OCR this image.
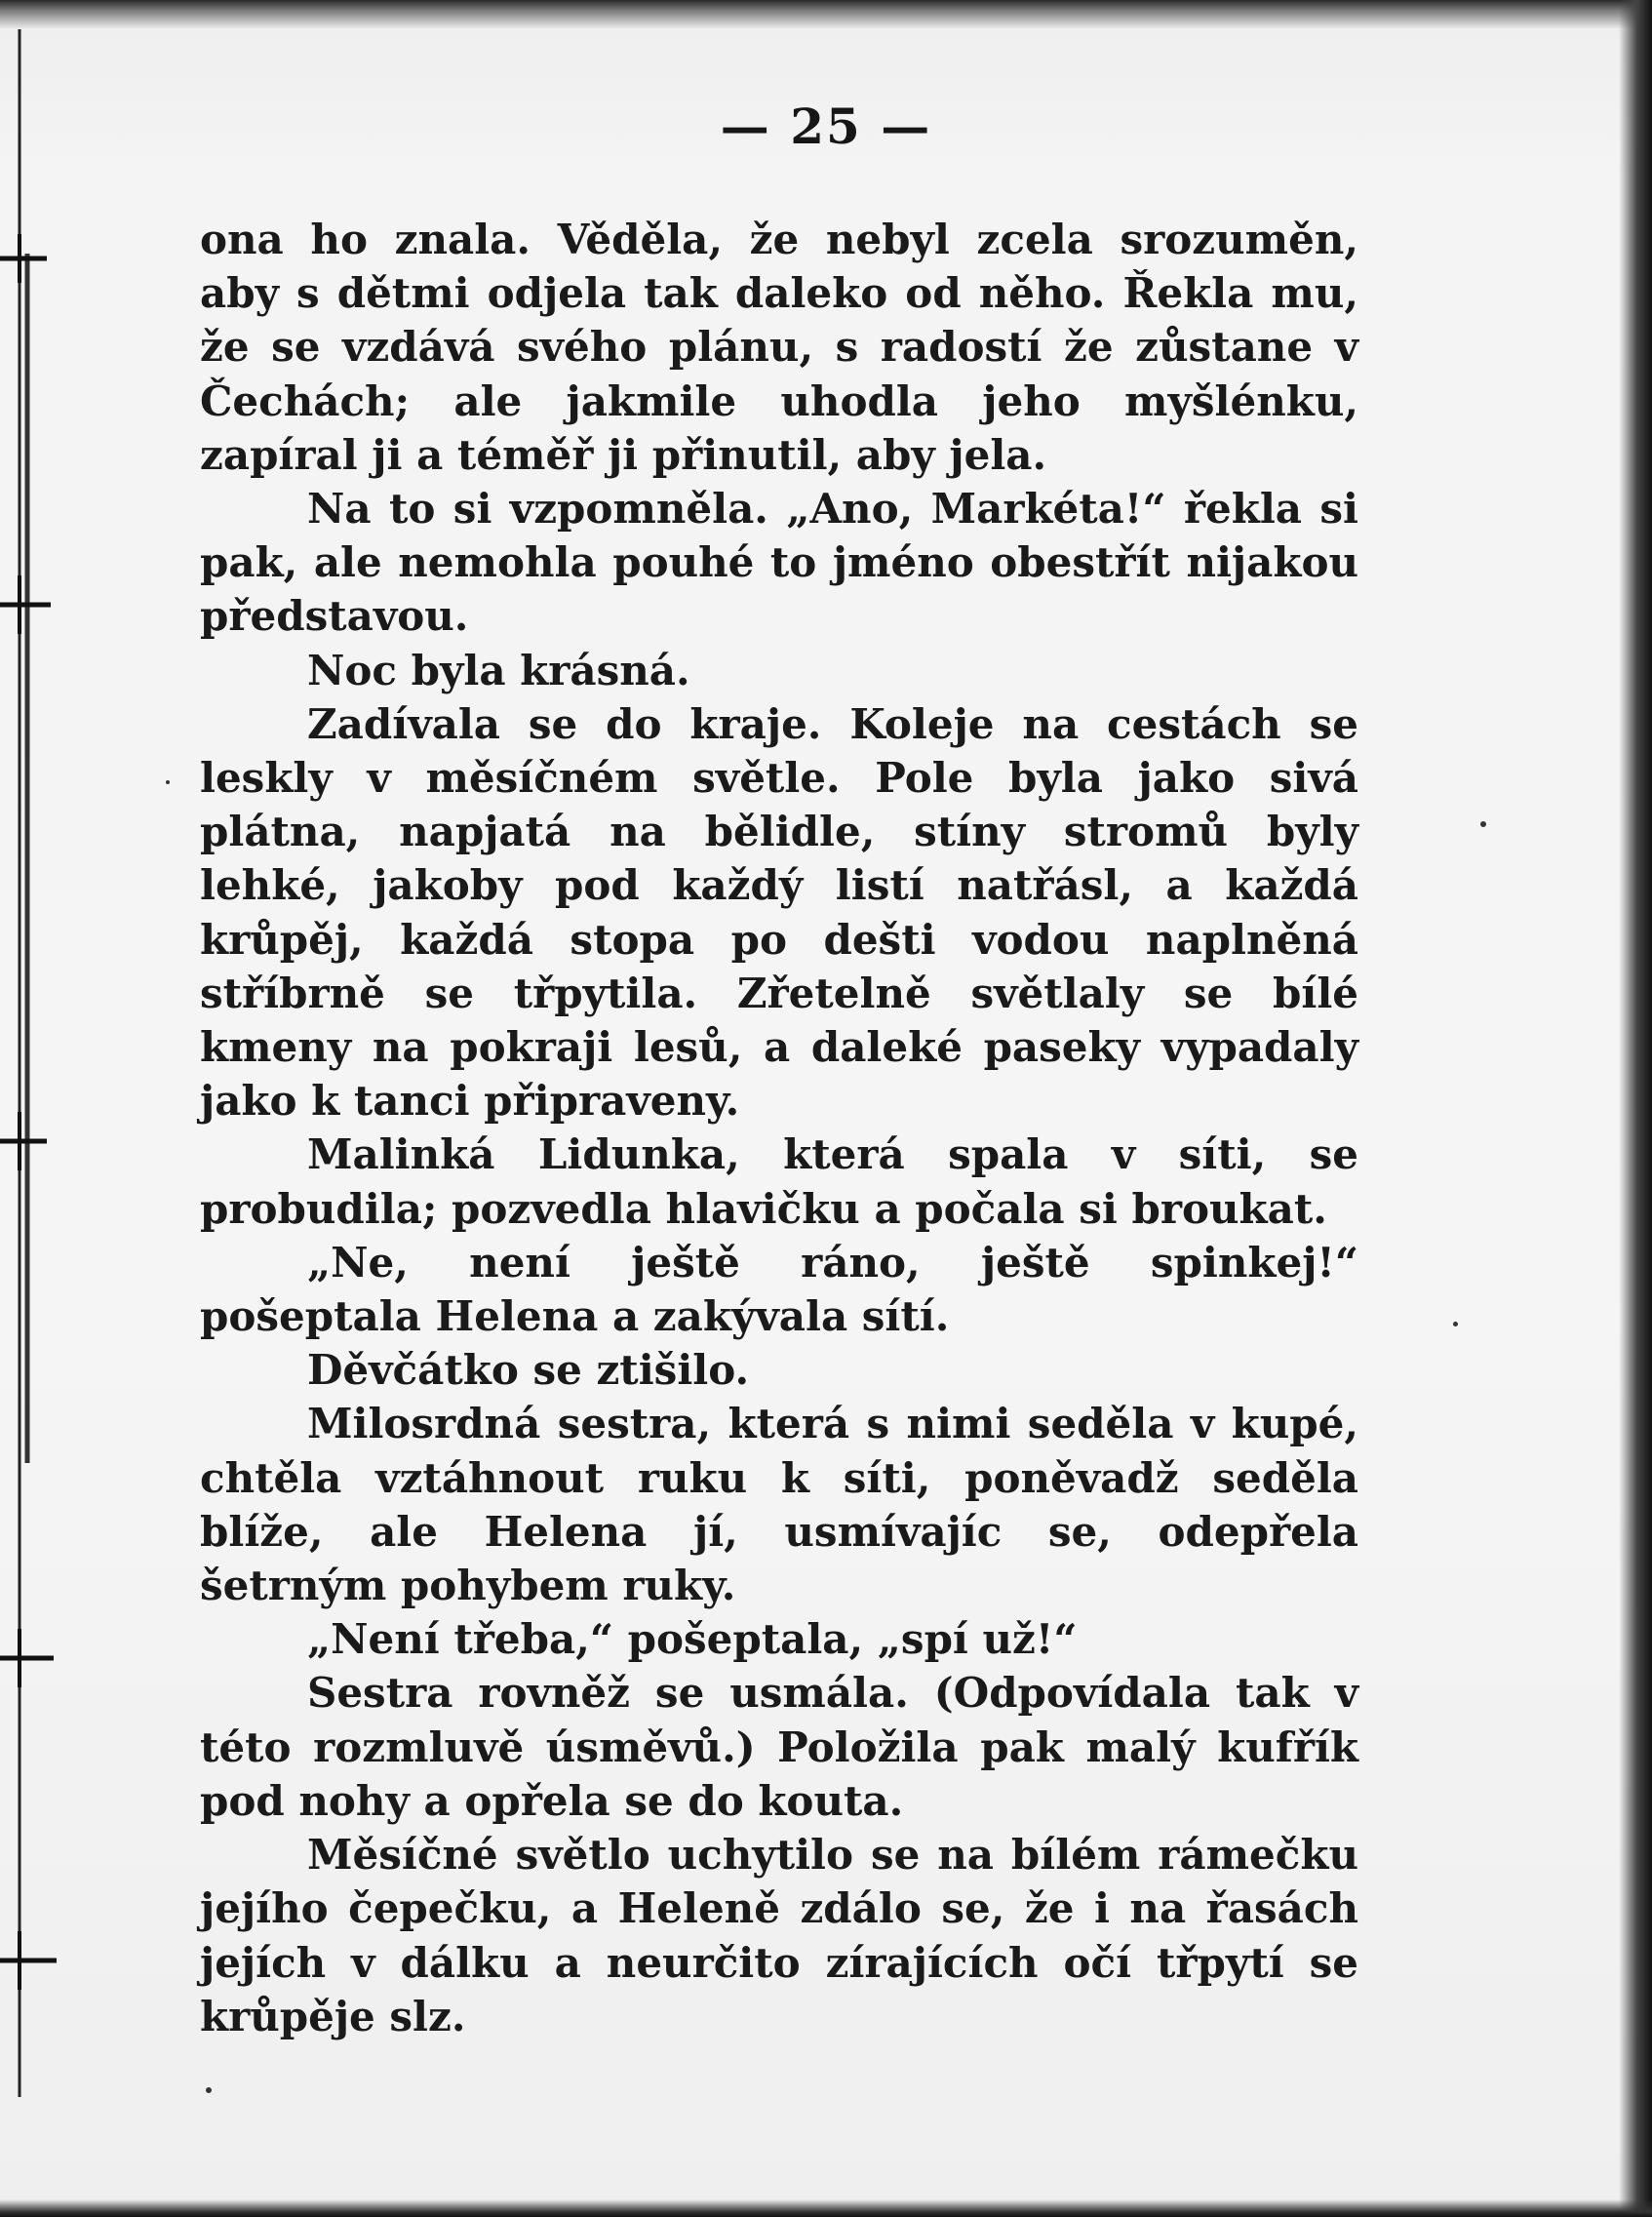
— 25 —

ona ho znala. Věděla, že nebyl zcela srozuměn, aby s dětmi odjela tak daleko od něho. Řekla mu, že se vzdává svého plánu, s radostí že zůstane v Čechách; ale jakmile uhodla jeho myšlénku, zapíral ji a téměř ji přinutil, aby jela.

Na to si vzpomněla. „Ano, Markéta!“ řekla si pak, ale nemohla pouhé to jméno obestřít nijakou představou.

Noc byla krásná.

Zadívala se do kraje. Koleje na cestách se leskly v měsíčném světle. Pole byla jako sivá plátna, napjatá na bělidle, stíny stromů byly lehké, jakoby pod každý listí natřásl, a každá krůpěj, každá stopa po dešti vodou naplněná stříbrně se třpytila. Zřetelně světlaly se bílé kmeny na pokraji lesů, a daleké paseky vypadaly jako k tanci připraveny.

Malinká Lidunka, která spala v síti, se probudila; pozvedla hlavičku a počala si broukat.

„Ne, není ještě ráno, ještě spinkej!“ pošeptala Helena a zakývala sítí.

Děvčátko se ztišilo.

Milosrdná sestra, která s nimi seděla v kupé, chtěla vztáhnout ruku k síti, poněvadž seděla blíže, ale Helena jí, usmívajíc se, odepřela šetrným pohybem ruky.

„Není třeba,“ pošeptala, „spí už!“

Sestra rovněž se usmála. (Odpovídala tak v této rozmluvě úsměvů.) Položila pak malý kufřík pod nohy a opřela se do kouta.

Měsíčné světlo uchytilo se na bílém rámečku jejího čepečku, a Heleně zdálo se, že i na řasách jejích v dálku a neurčito zírajících očí třpytí se krůpěje slz.
